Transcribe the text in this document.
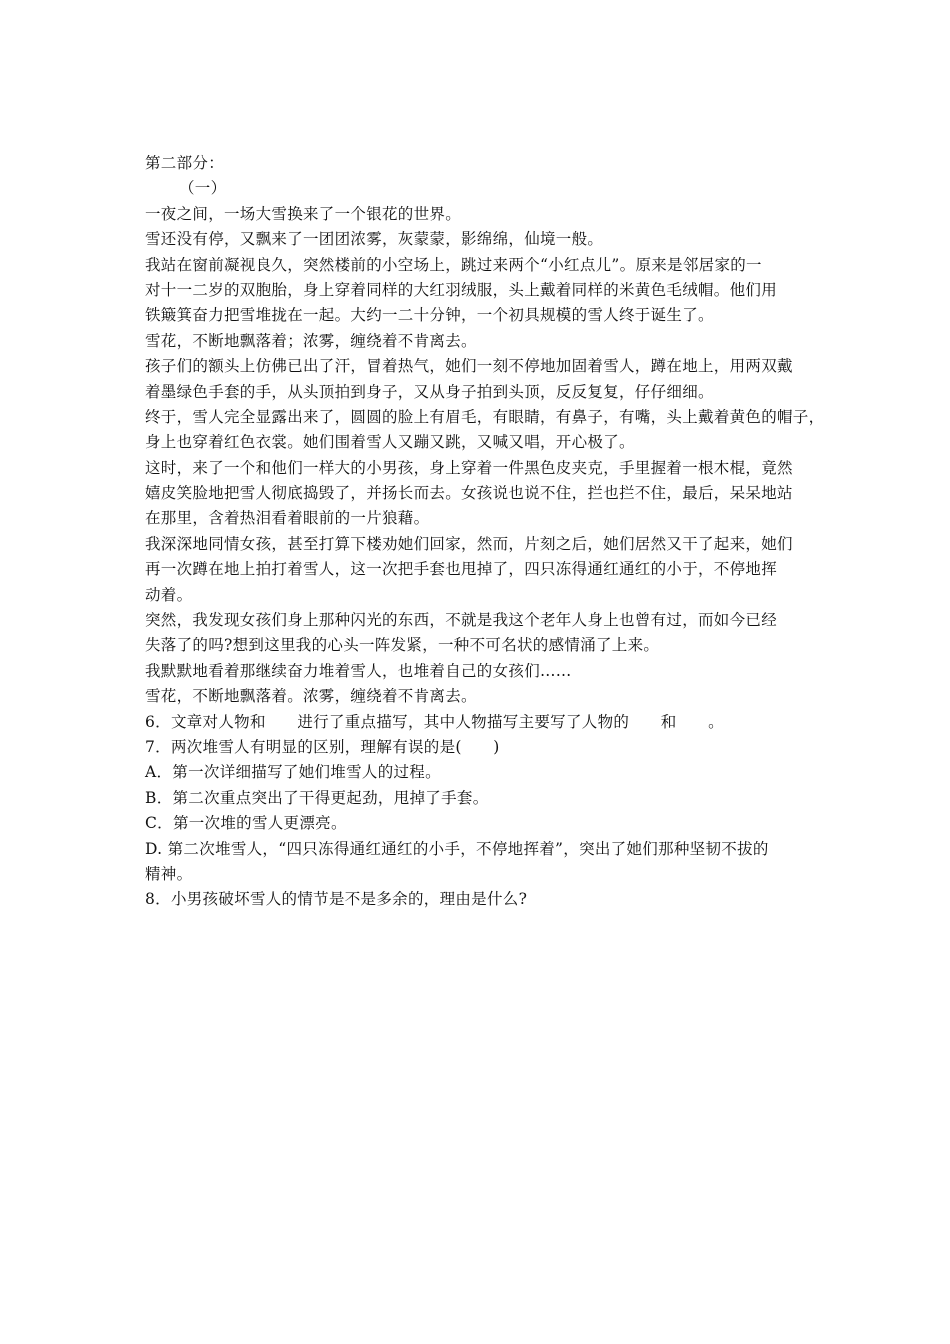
第二部分：
（一）
一夜之间，一场大雪换来了一个银花的世界。
雪还没有停，又飘来了一团团浓雾，灰蒙蒙，影绵绵，仙境一般。
我站在窗前凝视良久，突然楼前的小空场上，跳过来两个“小红点儿”。原来是邻居家的一
对十一二岁的双胞胎，身上穿着同样的大红羽绒服，头上戴着同样的米黄色毛绒帽。他们用
铁簸箕奋力把雪堆拢在一起。大约一二十分钟，一个初具规模的雪人终于诞生了。
雪花，不断地飘落着；浓雾，缠绕着不肯离去。
孩子们的额头上仿佛已出了汗，冒着热气，她们一刻不停地加固着雪人，蹲在地上，用两双戴
着墨绿色手套的手，从头顶拍到身子，又从身子拍到头顶，反反复复，仔仔细细。
终于，雪人完全显露出来了，圆圆的脸上有眉毛，有眼睛，有鼻子，有嘴，头上戴着黄色的帽子，
身上也穿着红色衣裳。她们围着雪人又蹦又跳，又喊又唱，开心极了。
这时，来了一个和他们一样大的小男孩，身上穿着一件黑色皮夹克，手里握着一根木棍，竟然
嬉皮笑脸地把雪人彻底捣毁了，并扬长而去。女孩说也说不住，拦也拦不住，最后，呆呆地站
在那里，含着热泪看着眼前的一片狼藉。
我深深地同情女孩，甚至打算下楼劝她们回家，然而，片刻之后，她们居然又干了起来，她们
再一次蹲在地上拍打着雪人，这一次把手套也甩掉了，四只冻得通红通红的小于，不停地挥
动着。
突然，我发现女孩们身上那种闪光的东西，不就是我这个老年人身上也曾有过，而如今已经
失落了的吗?想到这里我的心头一阵发紧，一种不可名状的感情涌了上来。
我默默地看着那继续奋力堆着雪人，也堆着自己的女孩们……
雪花，不断地飘落着。浓雾，缠绕着不肯离去。
6．文章对人物和　　进行了重点描写，其中人物描写主要写了人物的　　和　　。
7．两次堆雪人有明显的区别，理解有误的是(　　)
A．第一次详细描写了她们堆雪人的过程。
B．第二次重点突出了干得更起劲，甩掉了手套。
C．第一次堆的雪人更漂亮。
D. 第二次堆雪人，“四只冻得通红通红的小手，不停地挥着”，突出了她们那种坚韧不拔的
精神。
8．小男孩破坏雪人的情节是不是多余的，理由是什么?
